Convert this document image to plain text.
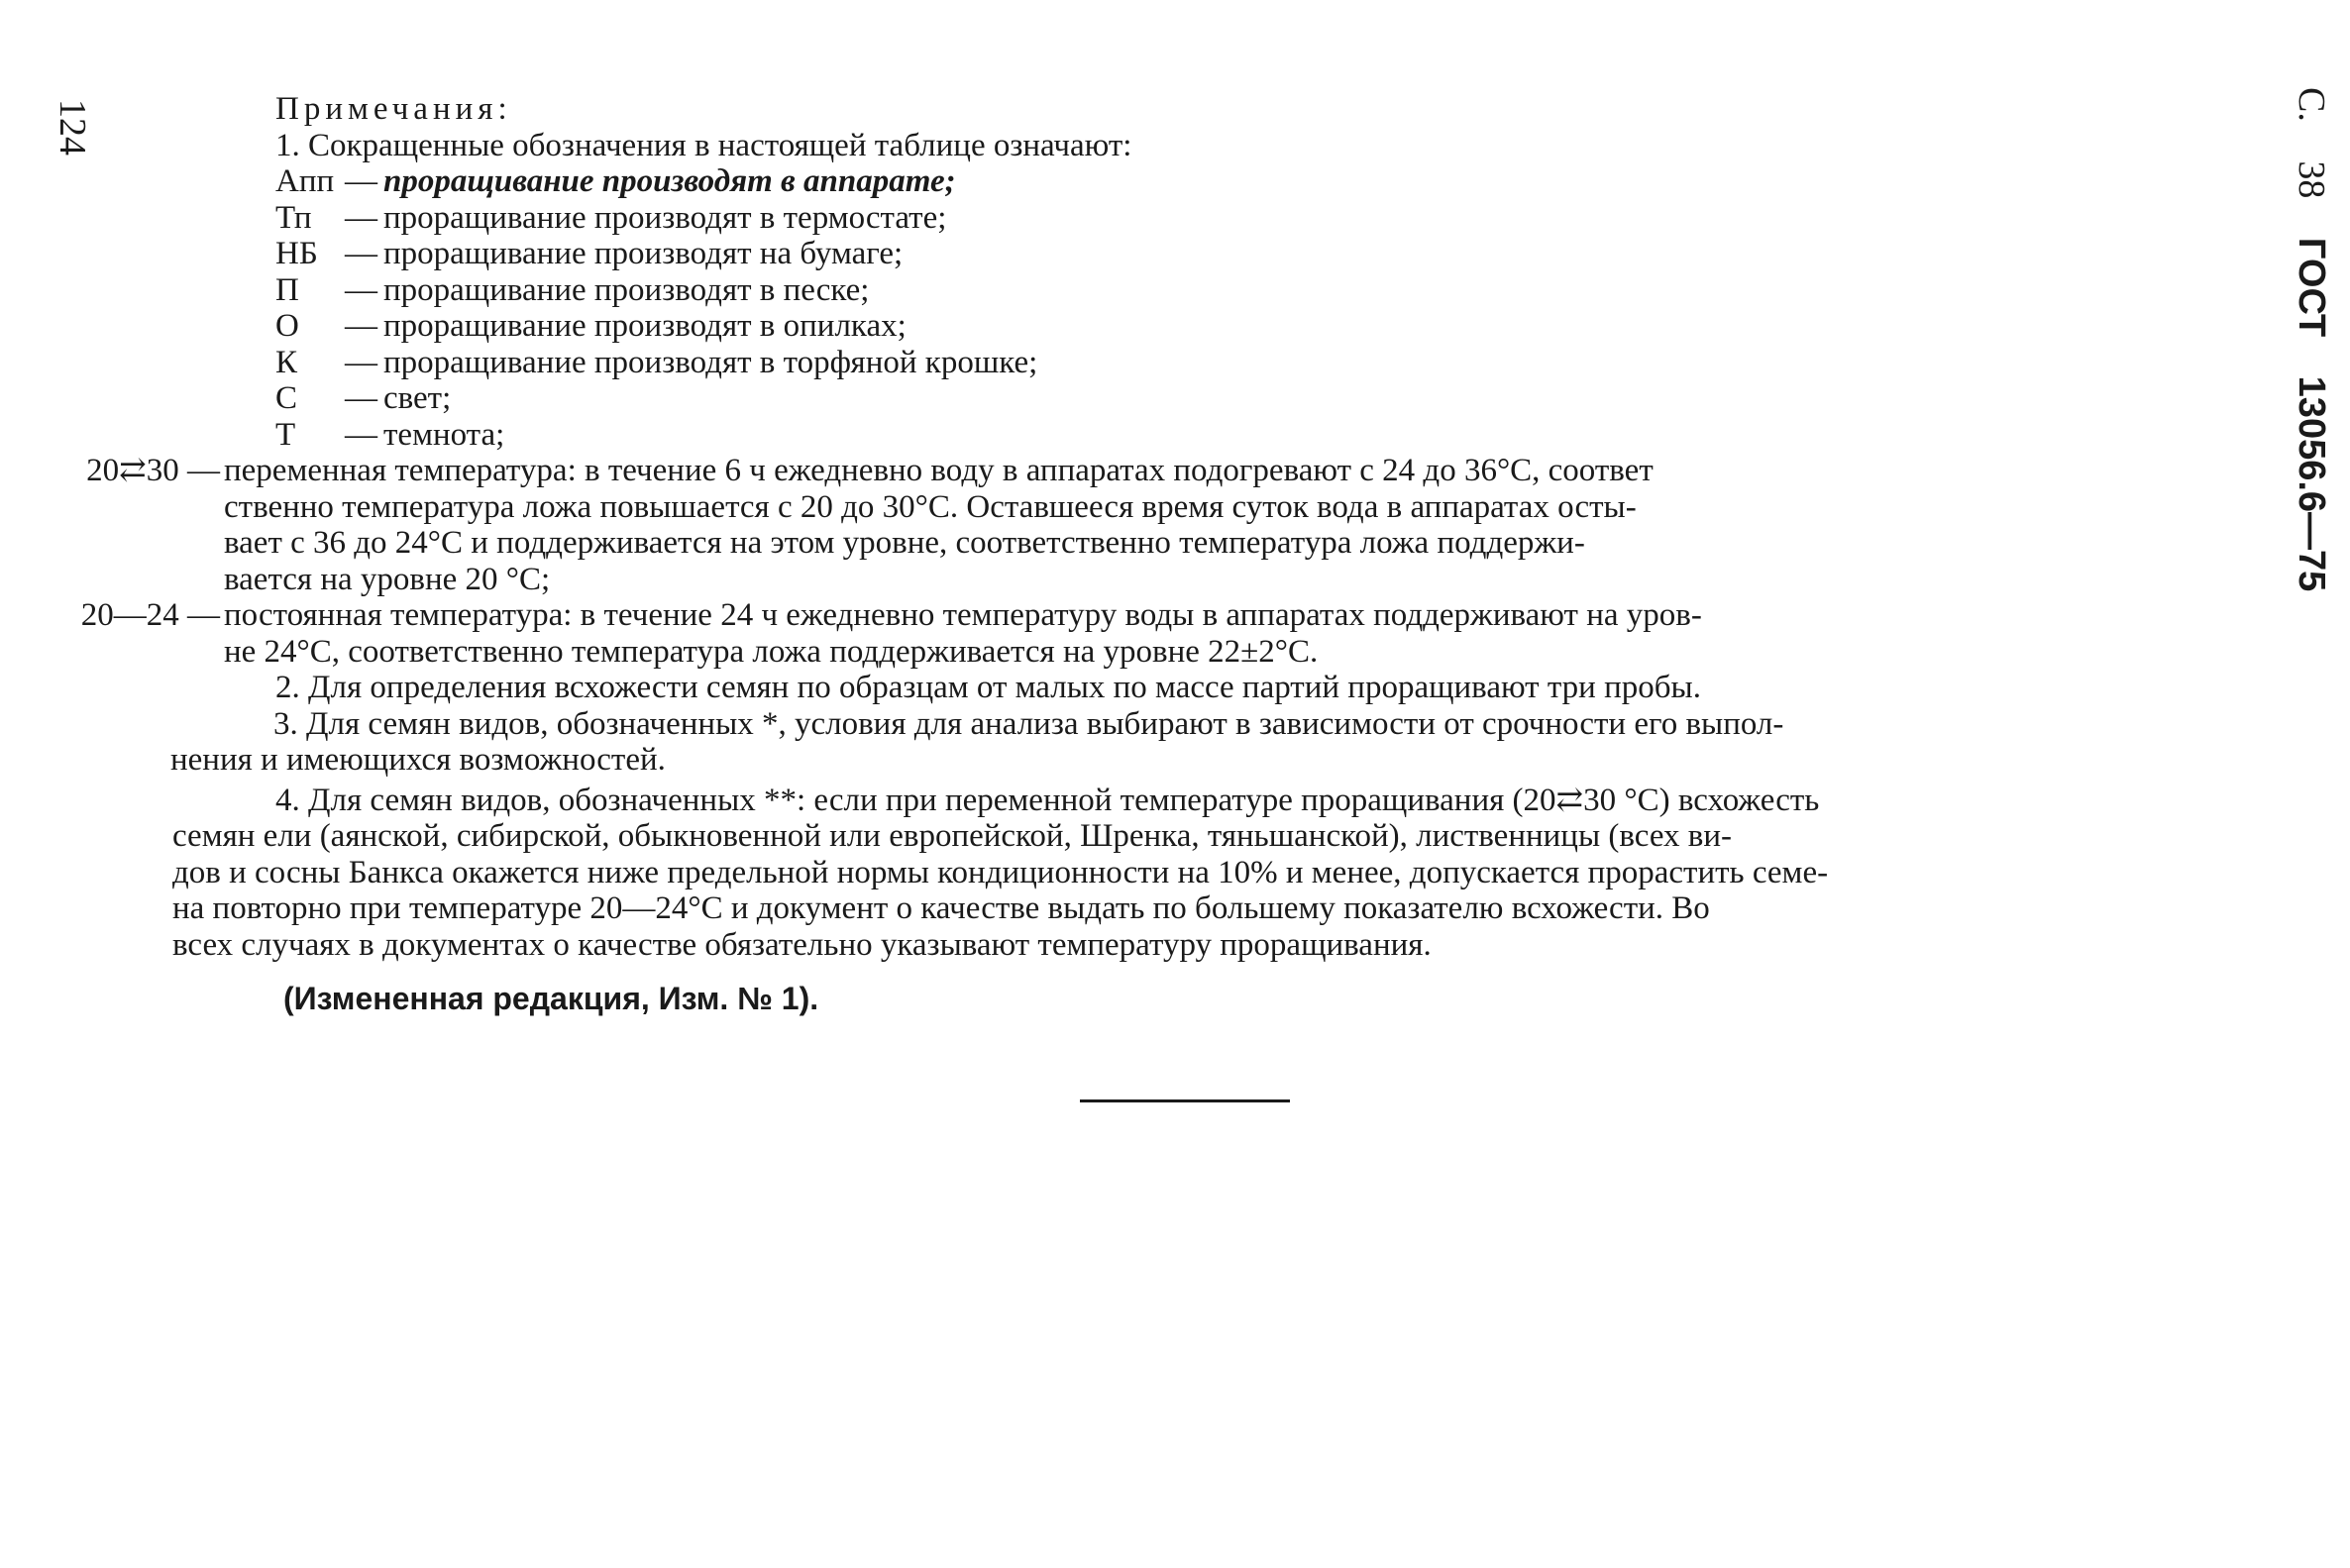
124	С. 38 ГОСТ 13056.6—75
Примечания:
1. Сокращенные обозначения в настоящей таблице означают:
Апп — проращивание производят в аппарате;
Тп	— проращивание производят в термостате;
НБ — проращивание производят на бумаге;
П	— проращивание производят в песке;
О	— проращивание производят в опилках;
К	— проращивание производят в торфяной крошке;
С	— свет;
Т	— темнота;
20⇄30 — переменная температура: в течение 6 ч ежедневно воду в аппаратах подогревают с 24 до 36°С, соответ
ственно температура ложа повышается с 20 до 30°С. Оставшееся время суток вода в аппаратах осты-
вает с 36 до 24°С и поддерживается на этом уровне, соответственно температура ложа поддержи-
вается на уровне 20 °С;
20—24 — постоянная температура: в течение 24 ч ежедневно температуру воды в аппаратах поддерживают на уров-
не 24°С, соответственно температура ложа поддерживается на уровне 22±2°С.
2. Для определения всхожести семян по образцам от малых по массе партий проращивают три пробы.
3. Для семян видов, обозначенных *, условия для анализа выбирают в зависимости от срочности его выпол-
нения и имеющихся возможностей.
4. Для семян видов, обозначенных **: если при переменной температуре проращивания (20⇄30 °С) всхожесть
семян ели (аянской, сибирской, обыкновенной или европейской, Шренка, тяньшанской), лиственницы (всех ви-
дов и сосны Банкса окажется ниже предельной нормы кондиционности на 10% и менее, допускается прорастить семе-
на повторно при температуре 20—24°С и документ о качестве выдать по большему показателю всхожести. Во
всех случаях в документах о качестве обязательно указывают температуру проращивания.
(Измененная редакция, Изм. № 1).
